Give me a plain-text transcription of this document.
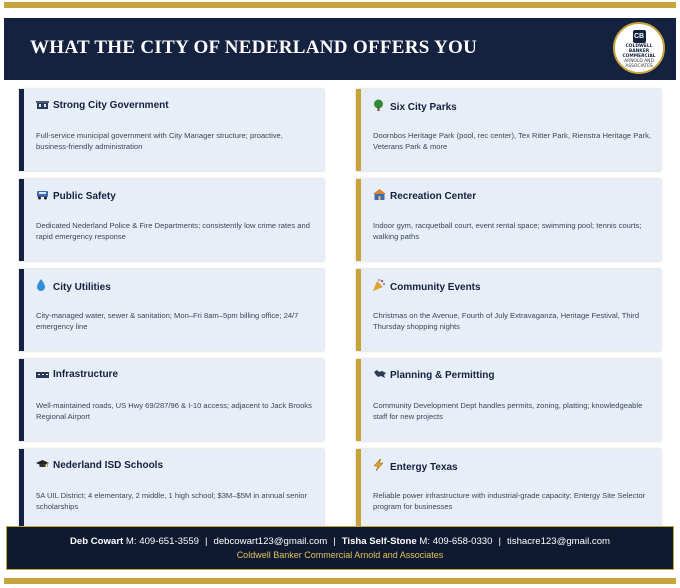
WHAT THE CITY OF NEDERLAND OFFERS YOU
CB
COLDWELL BANKER
COMMERCIAL
ARNOLD AND
ASSOCIATES
Strong City Government
Full-service municipal government with City Manager structure; proactive, business-friendly administration
Public Safety
Dedicated Nederland Police & Fire Departments; consistently low crime rates and rapid emergency response
City Utilities
City-managed water, sewer & sanitation; Mon–Fri 8am–5pm billing office; 24/7 emergency line
Infrastructure
Well-maintained roads, US Hwy 69/287/96 & I-10 access; adjacent to Jack Brooks Regional Airport
Nederland ISD Schools
5A UIL District; 4 elementary, 2 middle, 1 high school; $3M–$5M in annual senior scholarships
Six City Parks
Doornbos Heritage Park (pool, rec center), Tex Ritter Park, Rienstra Heritage Park, Veterans Park & more
Recreation Center
Indoor gym, racquetball court, event rental space; swimming pool; tennis courts; walking paths
Community Events
Christmas on the Avenue, Fourth of July Extravaganza, Heritage Festival, Third Thursday shopping nights
Planning & Permitting
Community Development Dept handles permits, zoning, platting; knowledgeable staff for new projects
Entergy Texas
Reliable power infrastructure with industrial-grade capacity; Entergy Site Selector program for businesses
Deb Cowart M: 409-651-3559 | debcowart123@gmail.com | Tisha Self-Stone M: 409-658-0330 | tishacre123@gmail.com
Coldwell Banker Commercial Arnold and Associates
